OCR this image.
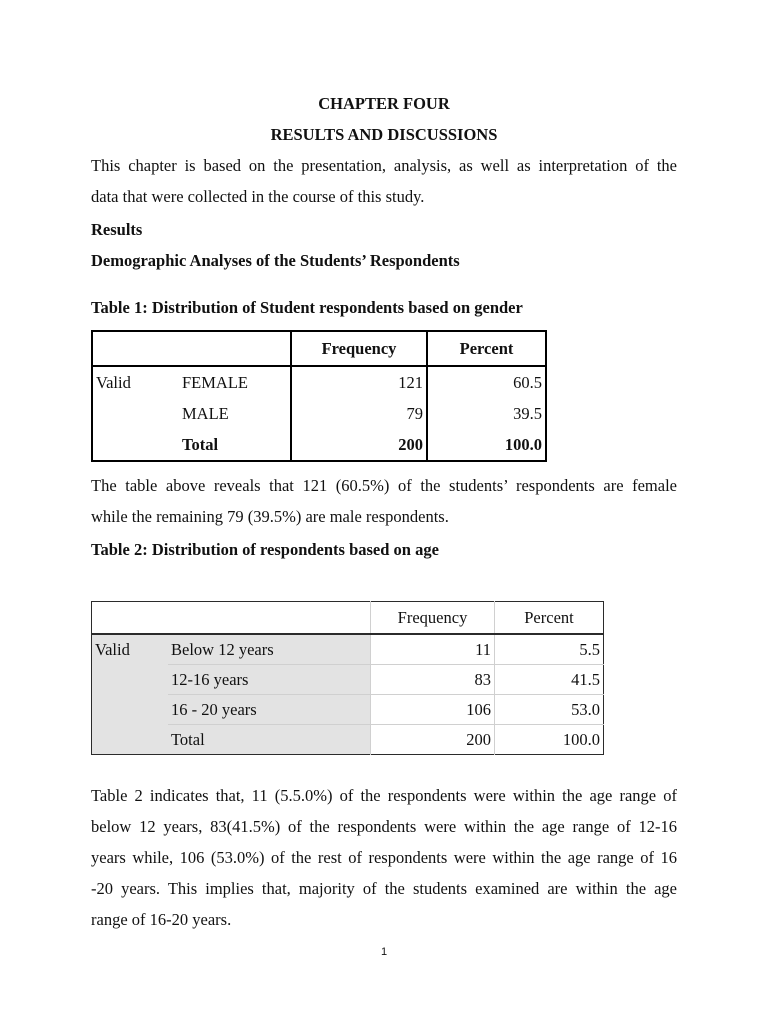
CHAPTER FOUR
RESULTS AND DISCUSSIONS
This chapter is based on the presentation, analysis, as well as interpretation of the
data that were collected in the course of this study.
Results
Demographic Analyses of the Students’ Respondents
Table 1: Distribution of Student respondents based on gender
		Frequency	Percent
Valid	FEMALE	121	60.5
	MALE	79	39.5
	Total	200	100.0
The table above reveals that 121 (60.5%) of the students’ respondents are female
while the remaining 79 (39.5%) are male respondents.
Table 2: Distribution of respondents based on age
		Frequency	Percent
Valid	Below 12 years	11	5.5
	12-16 years	83	41.5
	16 - 20 years	106	53.0
	Total	200	100.0
Table 2 indicates that, 11 (5.5.0%) of the respondents were within the age range of
below 12 years, 83(41.5%) of the respondents were within the age range of 12-16
years while, 106 (53.0%) of the rest of respondents were within the age range of 16
-20 years. This implies that, majority of the students examined are within the age
range of 16-20 years.
1
